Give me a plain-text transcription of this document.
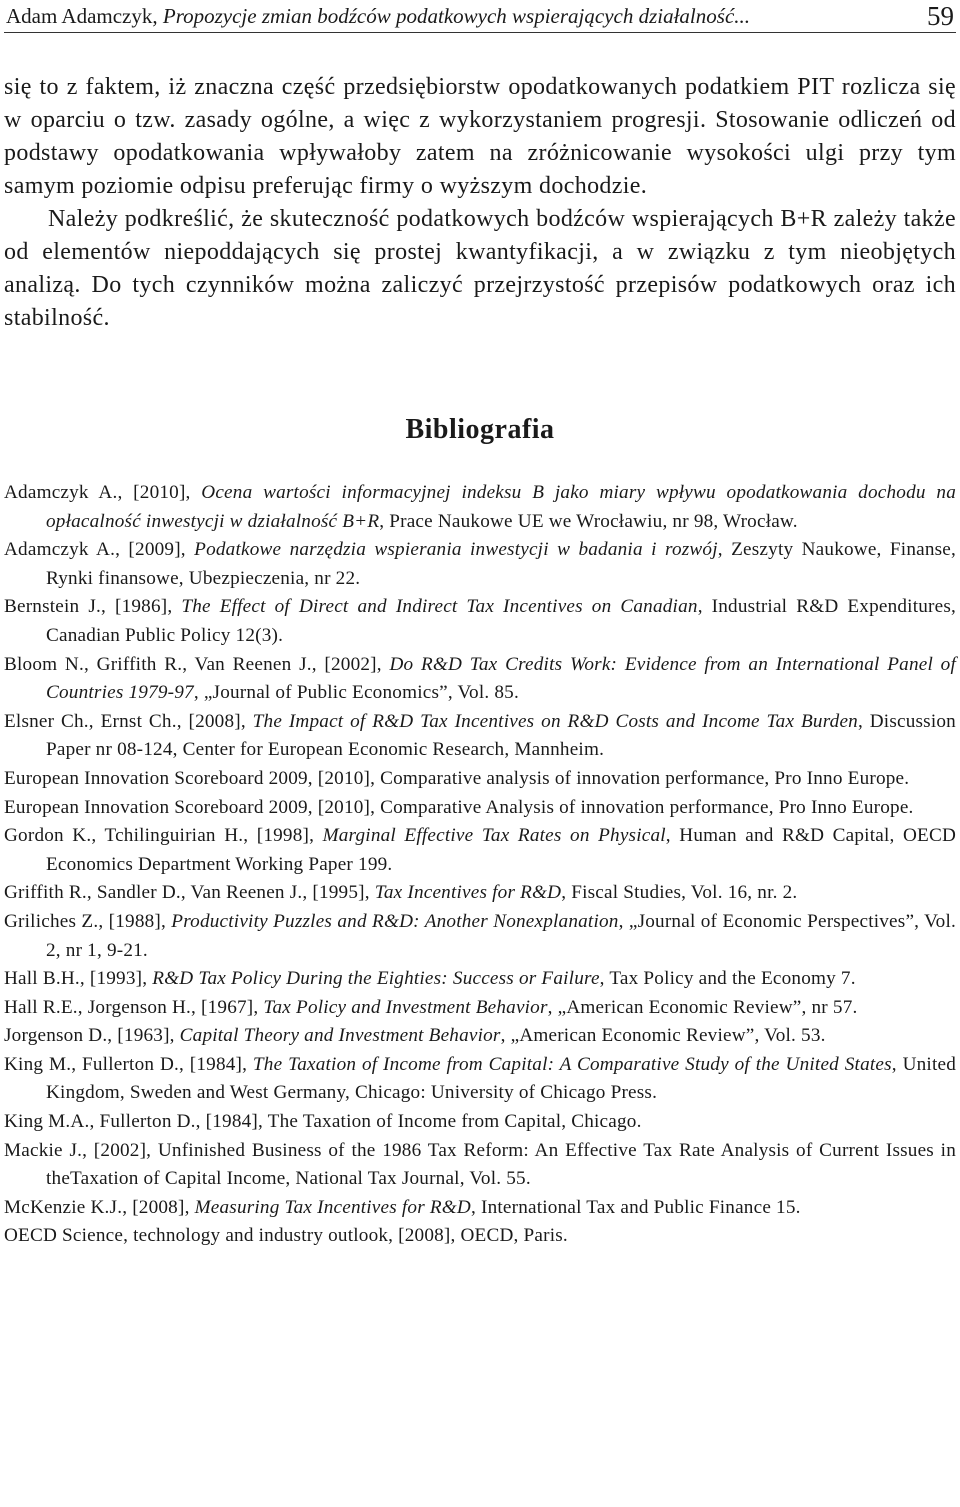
Adam Adamczyk, Propozycje zmian bodźców podatkowych wspierających działalność...	59

się to z faktem, iż znaczna część przedsiębiorstw opodatkowanych podatkiem PIT rozlicza się w oparciu o tzw. zasady ogólne, a więc z wykorzystaniem progresji. Stosowanie odliczeń od podstawy opodatkowania wpływałoby zatem na zróżnicowanie wysokości ulgi przy tym samym poziomie odpisu preferując firmy o wyższym dochodzie.

Należy podkreślić, że skuteczność podatkowych bodźców wspierających B+R zależy także od elementów niepoddających się prostej kwantyfikacji, a w związku z tym nieobjętych analizą. Do tych czynników można zaliczyć przejrzystość przepisów podatkowych oraz ich stabilność.

Bibliografia

Adamczyk A., [2010], Ocena wartości informacyjnej indeksu B jako miary wpływu opodatkowania dochodu na opłacalność inwestycji w działalność B+R, Prace Naukowe UE we Wrocławiu, nr 98, Wrocław.

Adamczyk A., [2009], Podatkowe narzędzia wspierania inwestycji w badania i rozwój, Zeszyty Naukowe, Finanse, Rynki finansowe, Ubezpieczenia, nr 22.

Bernstein J., [1986], The Effect of Direct and Indirect Tax Incentives on Canadian, Industrial R&D Expenditures, Canadian Public Policy 12(3).

Bloom N., Griffith R., Van Reenen J., [2002], Do R&D Tax Credits Work: Evidence from an International Panel of Countries 1979-97, „Journal of Public Economics”, Vol. 85.

Elsner Ch., Ernst Ch., [2008], The Impact of R&D Tax Incentives on R&D Costs and Income Tax Burden, Discussion Paper nr 08-124, Center for European Economic Research, Mannheim.

European Innovation Scoreboard 2009, [2010], Comparative analysis of innovation performance, Pro Inno Europe.

European Innovation Scoreboard 2009, [2010], Comparative Analysis of innovation performance, Pro Inno Europe.

Gordon K., Tchilinguirian H., [1998], Marginal Effective Tax Rates on Physical, Human and R&D Capital, OECD Economics Department Working Paper 199.

Griffith R., Sandler D., Van Reenen J., [1995], Tax Incentives for R&D, Fiscal Studies, Vol. 16, nr. 2.

Griliches Z., [1988], Productivity Puzzles and R&D: Another Nonexplanation, „Journal of Economic Perspectives”, Vol. 2, nr 1, 9-21.

Hall B.H., [1993], R&D Tax Policy During the Eighties: Success or Failure, Tax Policy and the Economy 7.

Hall R.E., Jorgenson H., [1967], Tax Policy and Investment Behavior, „American Economic Review”, nr 57.

Jorgenson D., [1963], Capital Theory and Investment Behavior, „American Economic Review”, Vol. 53.

King M., Fullerton D., [1984], The Taxation of Income from Capital: A Comparative Study of the United States, United Kingdom, Sweden and West Germany, Chicago: University of Chicago Press.

King M.A., Fullerton D., [1984], The Taxation of Income from Capital, Chicago.

Mackie J., [2002], Unfinished Business of the 1986 Tax Reform: An Effective Tax Rate Analysis of Current Issues in theTaxation of Capital Income, National Tax Journal, Vol. 55.

McKenzie K.J., [2008], Measuring Tax Incentives for R&D, International Tax and Public Finance 15.

OECD Science, technology and industry outlook, [2008], OECD, Paris.
